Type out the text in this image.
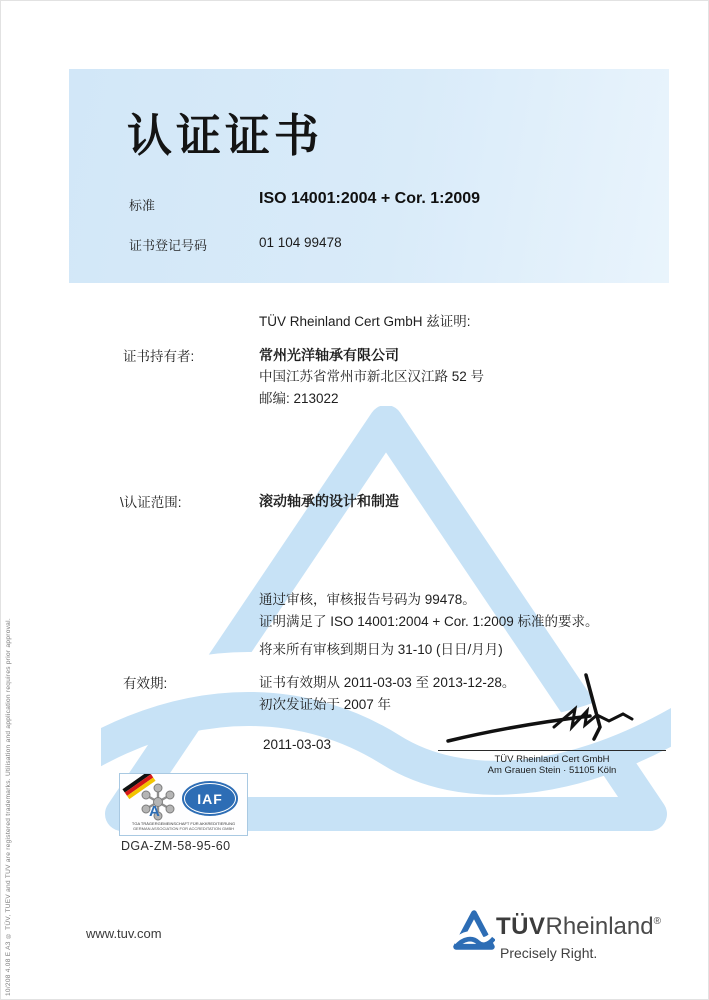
10/208 4.08 E A3 ® TÜV, TUEV and TUV are registered trademarks. Utilisation and application requires prior approval.
认证证书
标准	ISO 14001:2004 + Cor. 1:2009
证书登记号码	01 104 99478
TÜV Rheinland Cert GmbH 兹证明:
证书持有者:	常州光洋轴承有限公司
中国江苏省常州市新北区汉江路 52 号
邮编: 213022
\认证范围:	滚动轴承的设计和制造
通过审核，审核报告号码为 99478。
证明满足了 ISO 14001:2004 + Cor. 1:2009 标准的要求。
将来所有审核到期日为 31-10 (日日/月月)
有效期:	证书有效期从 2011-03-03 至 2013-12-28。
初次发证始于 2007 年
2011-03-03
TÜV Rheinland Cert GmbH
Am Grauen Stein · 51105 Köln
A
IAF
TGA TRÄGERGEMEINSCHAFT FÜR AKKREDITIERUNG
GERMAN ASSOCIATION FOR ACCREDITATION GMBH
DGA-ZM-58-95-60
www.tuv.com	TÜVRheinland®
Precisely Right.
